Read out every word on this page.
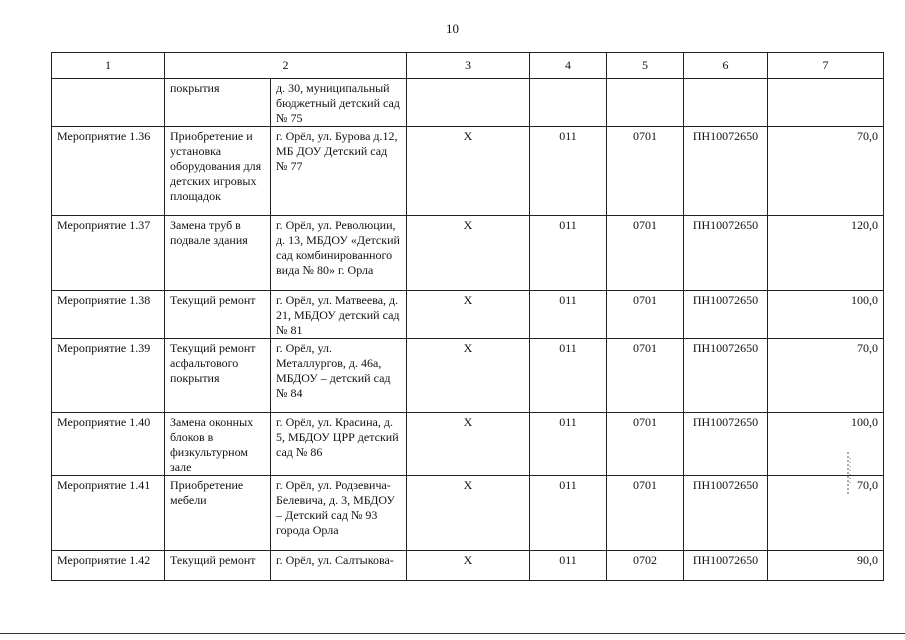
10
1	2		3	4	5	6	7
	покрытия	д. 30, муниципальный бюджетный детский сад № 75					
Мероприятие 1.36	Приобретение и установка оборудования для детских игровых площадок	г. Орёл, ул. Бурова д.12, МБ ДОУ Детский сад № 77	Х	011	0701	ПН10072650	70,0
Мероприятие 1.37	Замена труб в подвале здания	г. Орёл, ул. Революции, д. 13, МБДОУ «Детский сад комбинированного вида № 80» г. Орла	Х	011	0701	ПН10072650	120,0
Мероприятие 1.38	Текущий ремонт	г. Орёл, ул. Матвеева, д. 21, МБДОУ детский сад № 81	Х	011	0701	ПН10072650	100,0
Мероприятие 1.39	Текущий ремонт асфальтового покрытия	г. Орёл, ул. Металлургов, д. 46а, МБДОУ – детский сад № 84	Х	011	0701	ПН10072650	70,0
Мероприятие 1.40	Замена оконных блоков в физкультурном зале	г. Орёл, ул. Красина, д. 5, МБДОУ ЦРР детский сад № 86	Х	011	0701	ПН10072650	100,0
Мероприятие 1.41	Приобретение мебели	г. Орёл, ул. Родзевича-Белевича, д. 3, МБДОУ – Детский сад № 93 города Орла	Х	011	0701	ПН10072650	70,0
Мероприятие 1.42	Текущий ремонт	г. Орёл, ул. Салтыкова-	Х	011	0702	ПН10072650	90,0
